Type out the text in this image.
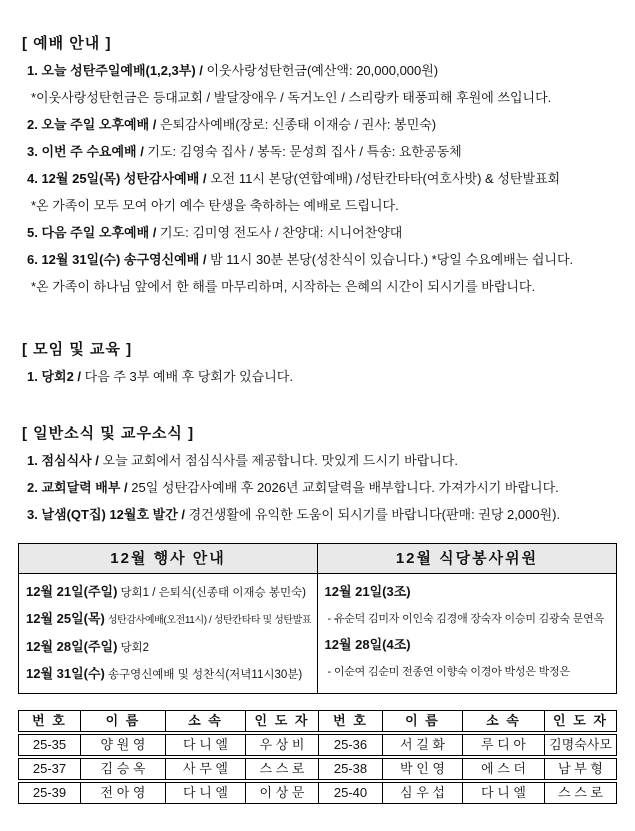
[ 예배 안내 ]
1. 오늘 성탄주일예배(1,2,3부) / 이웃사랑성탄헌금(예산액: 20,000,000원)
*이웃사랑성탄헌금은 등대교회 / 발달장애우 / 독거노인 / 스리랑카 태풍피해 후원에 쓰입니다.
2. 오늘 주일 오후예배 / 은퇴감사예배(장로: 신종태 이재승 / 권사: 봉민숙)
3. 이번 주 수요예배 / 기도: 김영숙 집사 / 봉독: 문성희 집사 / 특송: 요한공동체
4. 12월 25일(목) 성탄감사예배 / 오전 11시 본당(연합예배) /성탄칸타타(여호사밧) & 성탄발표회
*온 가족이 모두 모여 아기 예수 탄생을 축하하는 예배로 드립니다.
5. 다음 주일 오후예배 / 기도: 김미영 전도사 / 찬양대: 시니어찬양대
6. 12월 31일(수) 송구영신예배 / 밤 11시 30분 본당(성찬식이 있습니다.) *당일 수요예배는 쉽니다.
*온 가족이 하나님 앞에서 한 해를 마무리하며, 시작하는 은혜의 시간이 되시기를 바랍니다.
[ 모임 및 교육 ]
1. 당회2 / 다음 주 3부 예배 후 당회가 있습니다.
[ 일반소식 및 교우소식 ]
1. 점심식사 / 오늘 교회에서 점심식사를 제공합니다. 맛있게 드시기 바랍니다.
2. 교회달력 배부 / 25일 성탄감사예배 후 2026년 교회달력을 배부합니다. 가져가시기 바랍니다.
3. 날샘(QT집) 12월호 발간 / 경건생활에 유익한 도움이 되시기를 바랍니다(판매: 권당 2,000원).
12월 행사 안내	12월 식당봉사위원
12월 21일(주일) 당회1 / 은퇴식(신종태 이재승 봉민숙)
12월 25일(목) 성탄감사예배(오전11시) / 성탄칸타타 및 성탄발표
12월 28일(주일) 당회2
12월 31일(수) 송구영신예배 및 성찬식(저녁11시30분)
12월 21일(3조)
- 유순덕 김미자 이인숙 김경애 장숙자 이승미 김광숙 문연옥
12월 28일(4조)
- 이순여 김순미 전종연 이향숙 이경아 박성은 박정은
번 호	이 름	소 속	인 도 자	번 호	이 름	소 속	인 도 자
25-35	양 원 영	다 니 엘	우 상 비	25-36	서 길 화	루 디 아	김명숙사모
25-37	김 승 옥	사 무 엘	스 스 로	25-38	박 인 영	에 스 더	남 부 형
25-39	전 아 영	다 니 엘	이 상 문	25-40	심 우 섭	다 니 엘	스 스 로
